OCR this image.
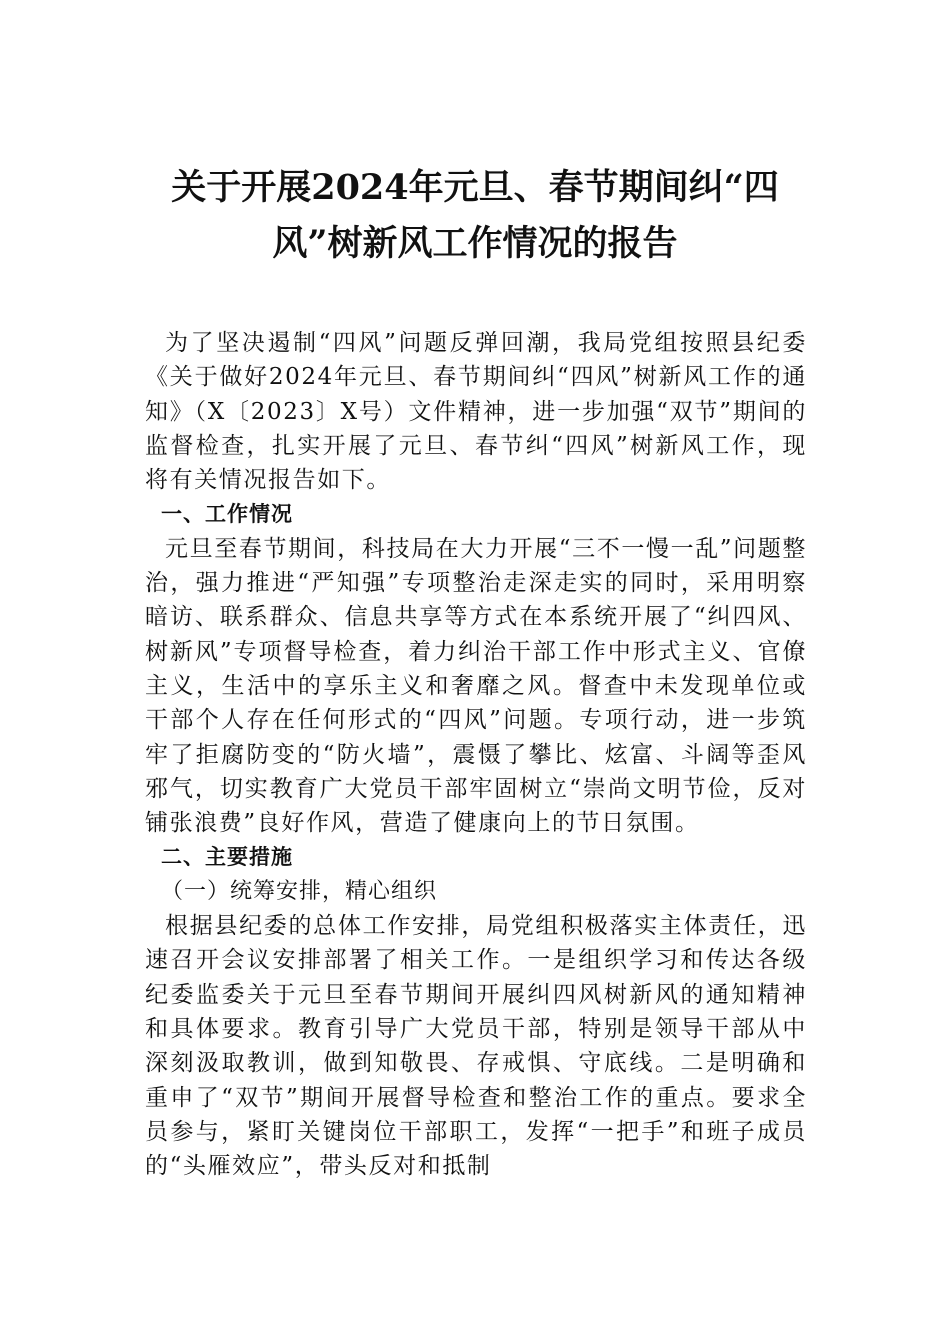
关于开展2024年元旦、春节期间纠“四
风”树新风工作情况的报告

为了坚决遏制“四风”问题反弹回潮，我局党组按照县纪委《关于做好2024年元旦、春节期间纠“四风”树新风工作的通知》（X〔2023〕X号）文件精神，进一步加强“双节”期间的监督检查，扎实开展了元旦、春节纠“四风”树新风工作，现将有关情况报告如下。

一、工作情况

元旦至春节期间，科技局在大力开展“三不一慢一乱”问题整治，强力推进“严知强”专项整治走深走实的同时，采用明察暗访、联系群众、信息共享等方式在本系统开展了“纠四风、树新风”专项督导检查，着力纠治干部工作中形式主义、官僚主义，生活中的享乐主义和奢靡之风。督查中未发现单位或干部个人存在任何形式的“四风”问题。专项行动，进一步筑牢了拒腐防变的“防火墙”，震慑了攀比、炫富、斗阔等歪风邪气，切实教育广大党员干部牢固树立“崇尚文明节俭，反对铺张浪费”良好作风，营造了健康向上的节日氛围。

二、主要措施
（一）统筹安排，精心组织

根据县纪委的总体工作安排，局党组积极落实主体责任，迅速召开会议安排部署了相关工作。一是组织学习和传达各级纪委监委关于元旦至春节期间开展纠四风树新风的通知精神和具体要求。教育引导广大党员干部，特别是领导干部从中深刻汲取教训，做到知敬畏、存戒惧、守底线。二是明确和重申了“双节”期间开展督导检查和整治工作的重点。要求全员参与，紧盯关键岗位干部职工，发挥“一把手”和班子成员的“头雁效应”，带头反对和抵制
